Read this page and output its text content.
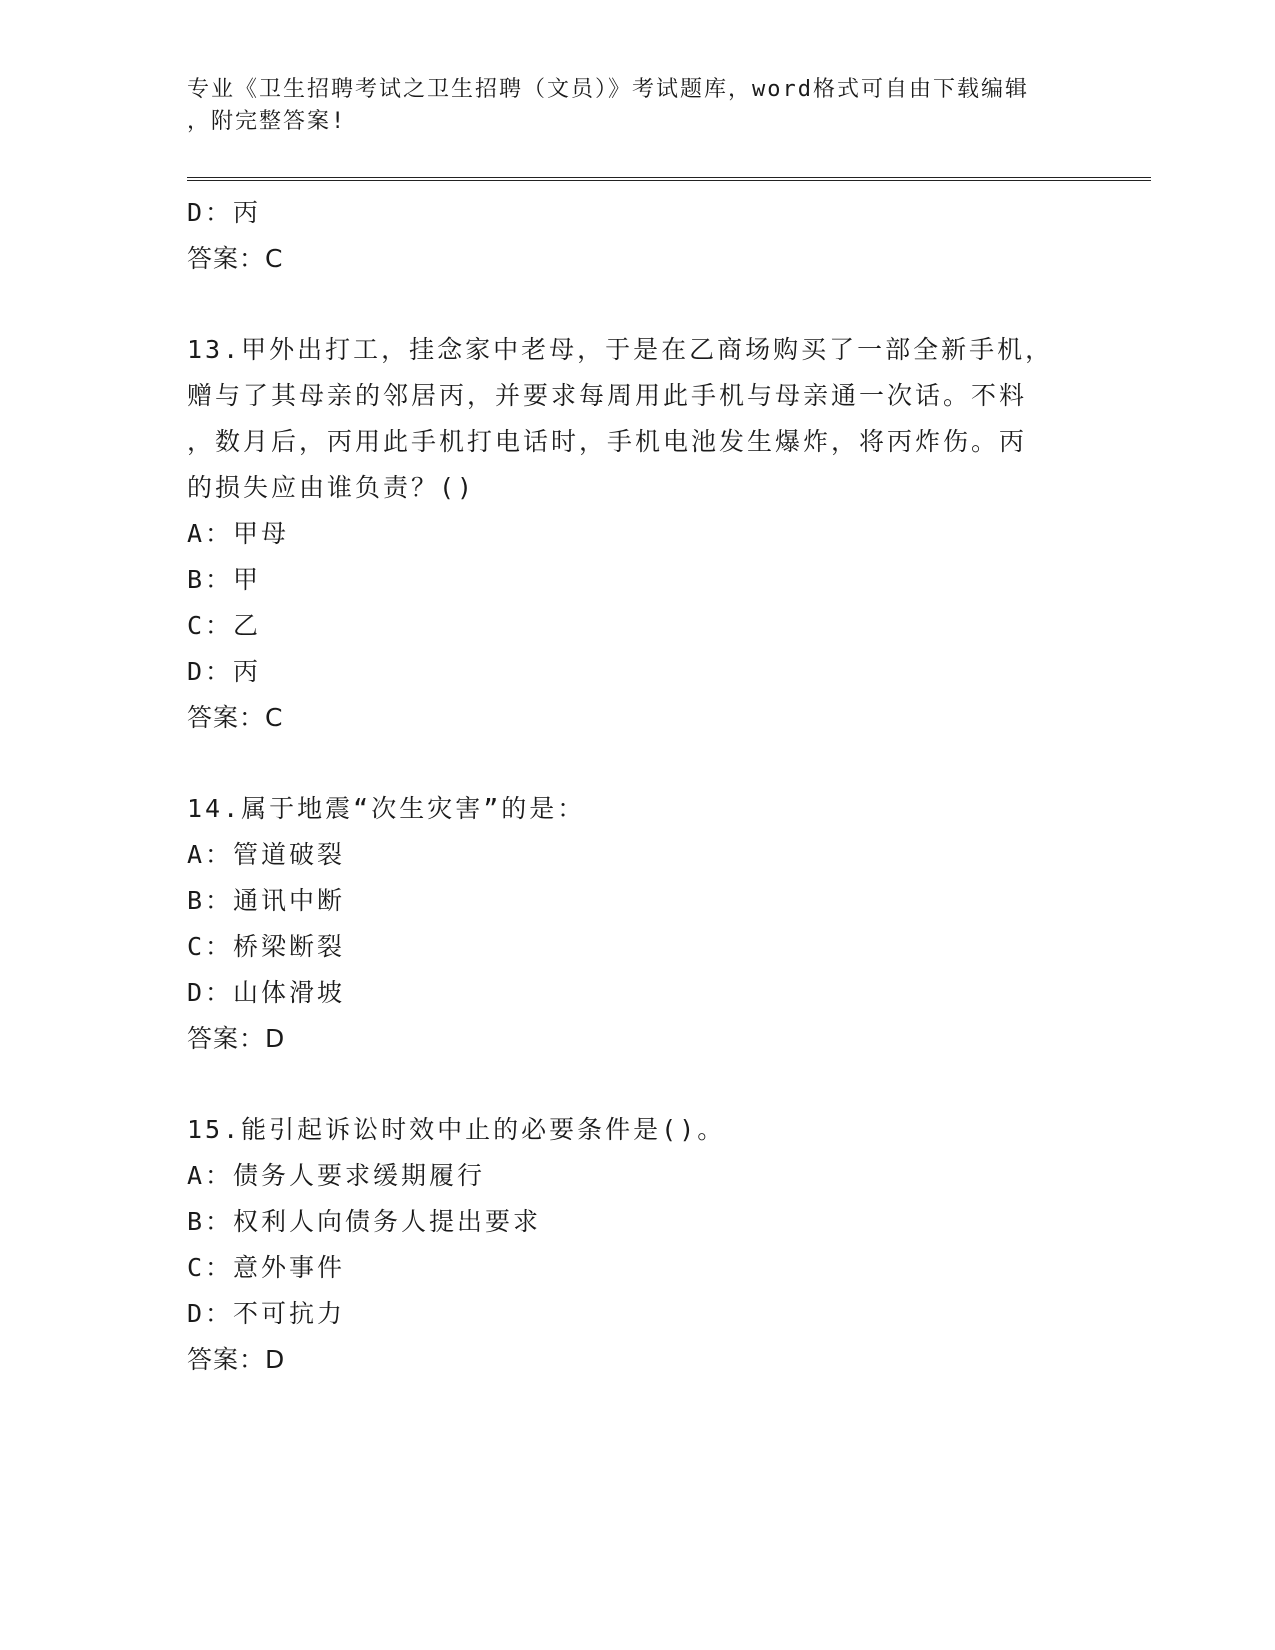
专业《卫生招聘考试之卫生招聘（文员）》考试题库，word格式可自由下载编辑
，附完整答案!
D：丙
答案：C
13.甲外出打工，挂念家中老母，于是在乙商场购买了一部全新手机，
赠与了其母亲的邻居丙，并要求每周用此手机与母亲通一次话。不料
，数月后，丙用此手机打电话时，手机电池发生爆炸，将丙炸伤。丙
的损失应由谁负责？()
A：甲母
B：甲
C：乙
D：丙
答案：C
14.属于地震“次生灾害”的是：
A：管道破裂
B：通讯中断
C：桥梁断裂
D：山体滑坡
答案：D
15.能引起诉讼时效中止的必要条件是()。
A：债务人要求缓期履行
B：权利人向债务人提出要求
C：意外事件
D：不可抗力
答案：D
